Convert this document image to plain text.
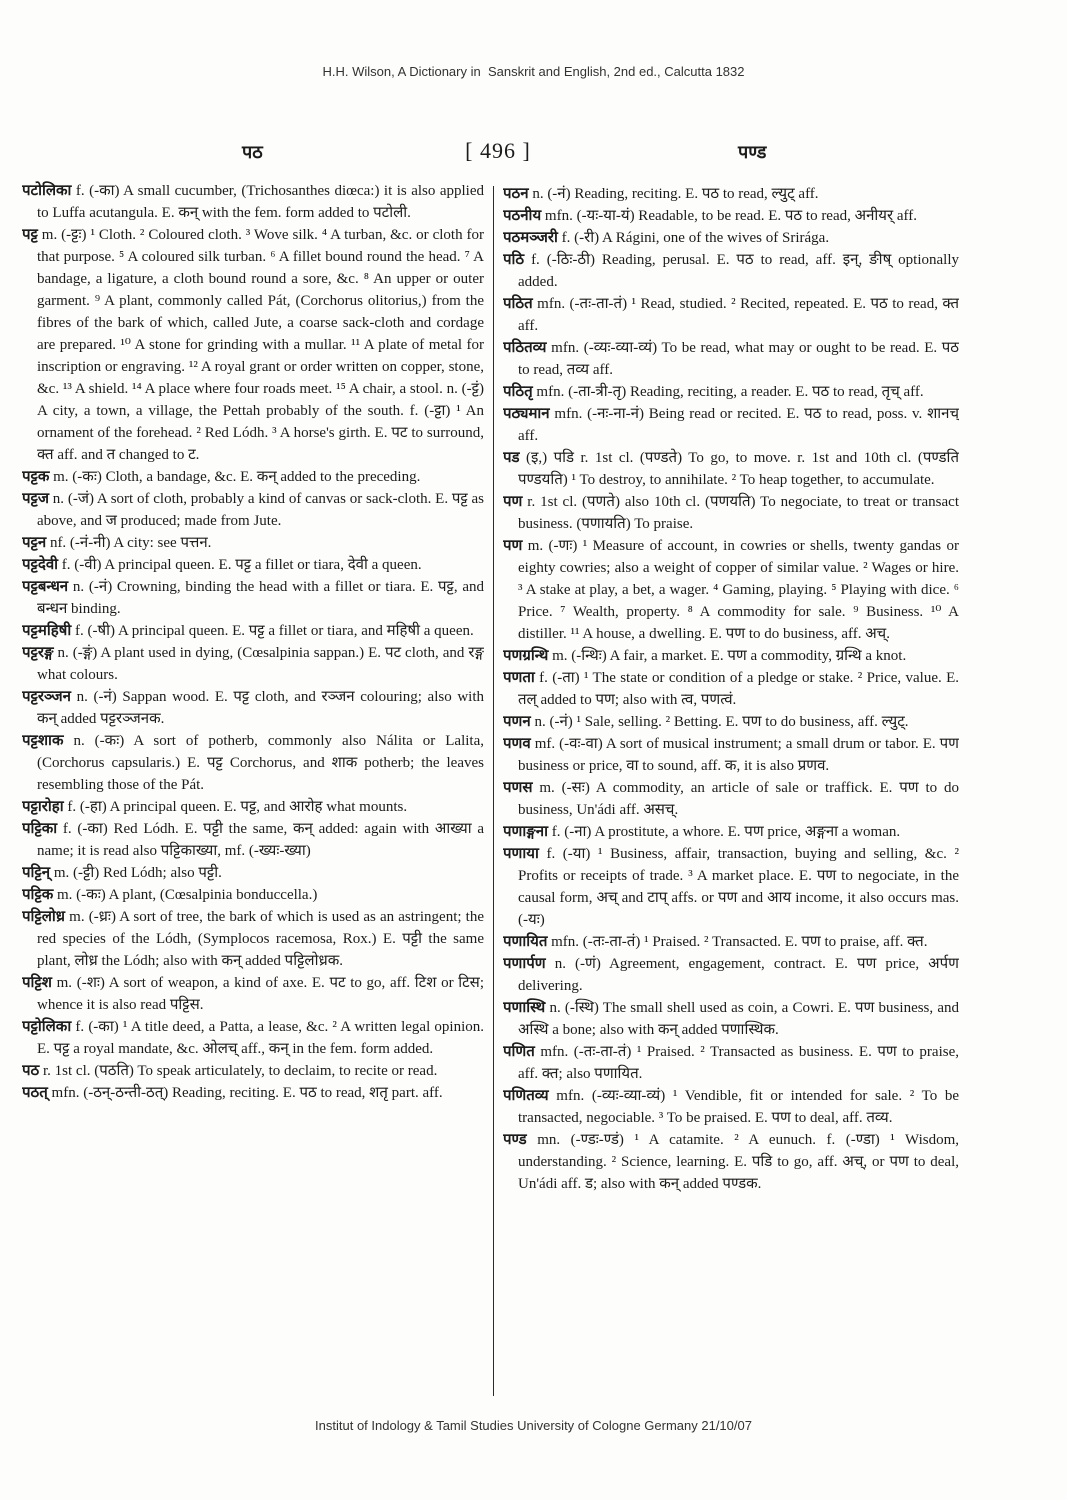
H.H. Wilson, A Dictionary in  Sanskrit and English, 2nd ed., Calcutta 1832
पठ	[ 496 ]	पण्ड

पटोलिका f. (-का) A small cucumber, (Trichosanthes diœca:) it is also applied to Luffa acutangula. E. कन् with the fem. form added to पटोली.

पट्ट m. (-ट्टः) ¹ Cloth. ² Coloured cloth. ³ Wove silk. ⁴ A turban, &c. or cloth for that purpose. ⁵ A coloured silk turban. ⁶ A fillet bound round the head. ⁷ A bandage, a ligature, a cloth bound round a sore, &c. ⁸ An upper or outer garment. ⁹ A plant, commonly called Pát, (Corchorus olitorius,) from the fibres of the bark of which, called Jute, a coarse sack-cloth and cordage are prepared. ¹⁰ A stone for grinding with a mullar. ¹¹ A plate of metal for inscription or engraving. ¹² A royal grant or order written on copper, stone, &c. ¹³ A shield. ¹⁴ A place where four roads meet. ¹⁵ A chair, a stool. n. (-ट्टं) A city, a town, a village, the Pettah probably of the south. f. (-ट्टा) ¹ An ornament of the forehead. ² Red Lódh. ³ A horse's girth. E. पट to surround, क्त aff. and त changed to ट.

पट्टक m. (-कः) Cloth, a bandage, &c. E. कन् added to the preceding.

पट्टज n. (-जं) A sort of cloth, probably a kind of canvas or sack-cloth. E. पट्ट as above, and ज produced; made from Jute.

पट्टन nf. (-नं-नी) A city: see पत्तन.

पट्टदेवी f. (-वी) A principal queen. E. पट्ट a fillet or tiara, देवी a queen.

पट्टबन्धन n. (-नं) Crowning, binding the head with a fillet or tiara. E. पट्ट, and बन्धन binding.

पट्टमहिषी f. (-षी) A principal queen. E. पट्ट a fillet or tiara, and महिषी a queen.

पट्टरङ्ग n. (-ङ्गं) A plant used in dying, (Cœsalpinia sappan.) E. पट cloth, and रङ्ग what colours.

पट्टरञ्जन n. (-नं) Sappan wood. E. पट्ट cloth, and रञ्जन colouring; also with कन् added पट्टरञ्जनक.

पट्टशाक n. (-कः) A sort of potherb, commonly also Nálita or Lalita, (Corchorus capsularis.) E. पट्ट Corchorus, and शाक potherb; the leaves resembling those of the Pát.

पट्टारोहा f. (-हा) A principal queen. E. पट्ट, and आरोह what mounts.

पट्टिका f. (-का) Red Lódh. E. पट्टी the same, कन् added: again with आख्या a name; it is read also पट्टिकाख्या, mf. (-ख्यः-ख्या)

पट्टिन् m. (-ट्टी) Red Lódh; also पट्टी.

पट्टिक m. (-कः) A plant, (Cœsalpinia bonduccella.)

पट्टिलोध्र m. (-ध्रः) A sort of tree, the bark of which is used as an astringent; the red species of the Lódh, (Symplocos racemosa, Rox.) E. पट्टी the same plant, लोध्र the Lódh; also with कन् added पट्टिलोध्रक.

पट्टिश m. (-शः) A sort of weapon, a kind of axe. E. पट to go, aff. टिश or टिस; whence it is also read पट्टिस.

पट्टोलिका f. (-का) ¹ A title deed, a Patta, a lease, &c. ² A written legal opinion. E. पट्ट a royal mandate, &c. ओलच् aff., कन् in the fem. form added.

पठ r. 1st cl. (पठति) To speak articulately, to declaim, to recite or read.

पठत् mfn. (-ठन्-ठन्ती-ठत्) Reading, reciting. E. पठ to read, शतृ part. aff.

पठन n. (-नं) Reading, reciting. E. पठ to read, ल्युट् aff.

पठनीय mfn. (-यः-या-यं) Readable, to be read. E. पठ to read, अनीयर् aff.

पठमञ्जरी f. (-री) A Rágini, one of the wives of Srirága.

पठि f. (-ठिः-ठी) Reading, perusal. E. पठ to read, aff. इन्, ङीष् optionally added.

पठित mfn. (-तः-ता-तं) ¹ Read, studied. ² Recited, repeated. E. पठ to read, क्त aff.

पठितव्य mfn. (-व्यः-व्या-व्यं) To be read, what may or ought to be read. E. पठ to read, तव्य aff.

पठितृ mfn. (-ता-त्री-तृ) Reading, reciting, a reader. E. पठ to read, तृच् aff.

पठ्यमान mfn. (-नः-ना-नं) Being read or recited. E. पठ to read, poss. v. शानच् aff.

पड (इ,) पडि r. 1st cl. (पण्डते) To go, to move. r. 1st and 10th cl. (पण्डति पण्डयति) ¹ To destroy, to annihilate. ² To heap together, to accumulate.

पण r. 1st cl. (पणते) also 10th cl. (पणयति) To negociate, to treat or transact business. (पणायति) To praise.

पण m. (-णः) ¹ Measure of account, in cowries or shells, twenty gandas or eighty cowries; also a weight of copper of similar value. ² Wages or hire. ³ A stake at play, a bet, a wager. ⁴ Gaming, playing. ⁵ Playing with dice. ⁶ Price. ⁷ Wealth, property. ⁸ A commodity for sale. ⁹ Business. ¹⁰ A distiller. ¹¹ A house, a dwelling. E. पण to do business, aff. अच्.

पणग्रन्थि m. (-न्थिः) A fair, a market. E. पण a commodity, ग्रन्थि a knot.

पणता f. (-ता) ¹ The state or condition of a pledge or stake. ² Price, value. E. तल् added to पण; also with त्व, पणत्वं.

पणन n. (-नं) ¹ Sale, selling. ² Betting. E. पण to do business, aff. ल्युट्.

पणव mf. (-वः-वा) A sort of musical instrument; a small drum or tabor. E. पण business or price, वा to sound, aff. क, it is also प्रणव.

पणस m. (-सः) A commodity, an article of sale or traffick. E. पण to do business, Un'ádi aff. असच्.

पणाङ्गना f. (-ना) A prostitute, a whore. E. पण price, अङ्गना a woman.

पणाया f. (-या) ¹ Business, affair, transaction, buying and selling, &c. ² Profits or receipts of trade. ³ A market place. E. पण to negociate, in the causal form, अच् and टाप् affs. or पण and आय income, it also occurs mas. (-यः)

पणायित mfn. (-तः-ता-तं) ¹ Praised. ² Transacted. E. पण to praise, aff. क्त.

पणार्पण n. (-णं) Agreement, engagement, contract. E. पण price, अर्पण delivering.

पणास्थि n. (-स्थि) The small shell used as coin, a Cowri. E. पण business, and अस्थि a bone; also with कन् added पणास्थिक.

पणित mfn. (-तः-ता-तं) ¹ Praised. ² Transacted as business. E. पण to praise, aff. क्त; also पणायित.

पणितव्य mfn. (-व्यः-व्या-व्यं) ¹ Vendible, fit or intended for sale. ² To be transacted, negociable. ³ To be praised. E. पण to deal, aff. तव्य.

पण्ड mn. (-ण्डः-ण्डं) ¹ A catamite. ² A eunuch. f. (-ण्डा) ¹ Wisdom, understanding. ² Science, learning. E. पडि to go, aff. अच्, or पण to deal, Un'ádi aff. ड; also with कन् added पण्डक.

Institut of Indology & Tamil Studies University of Cologne Germany 21/10/07
